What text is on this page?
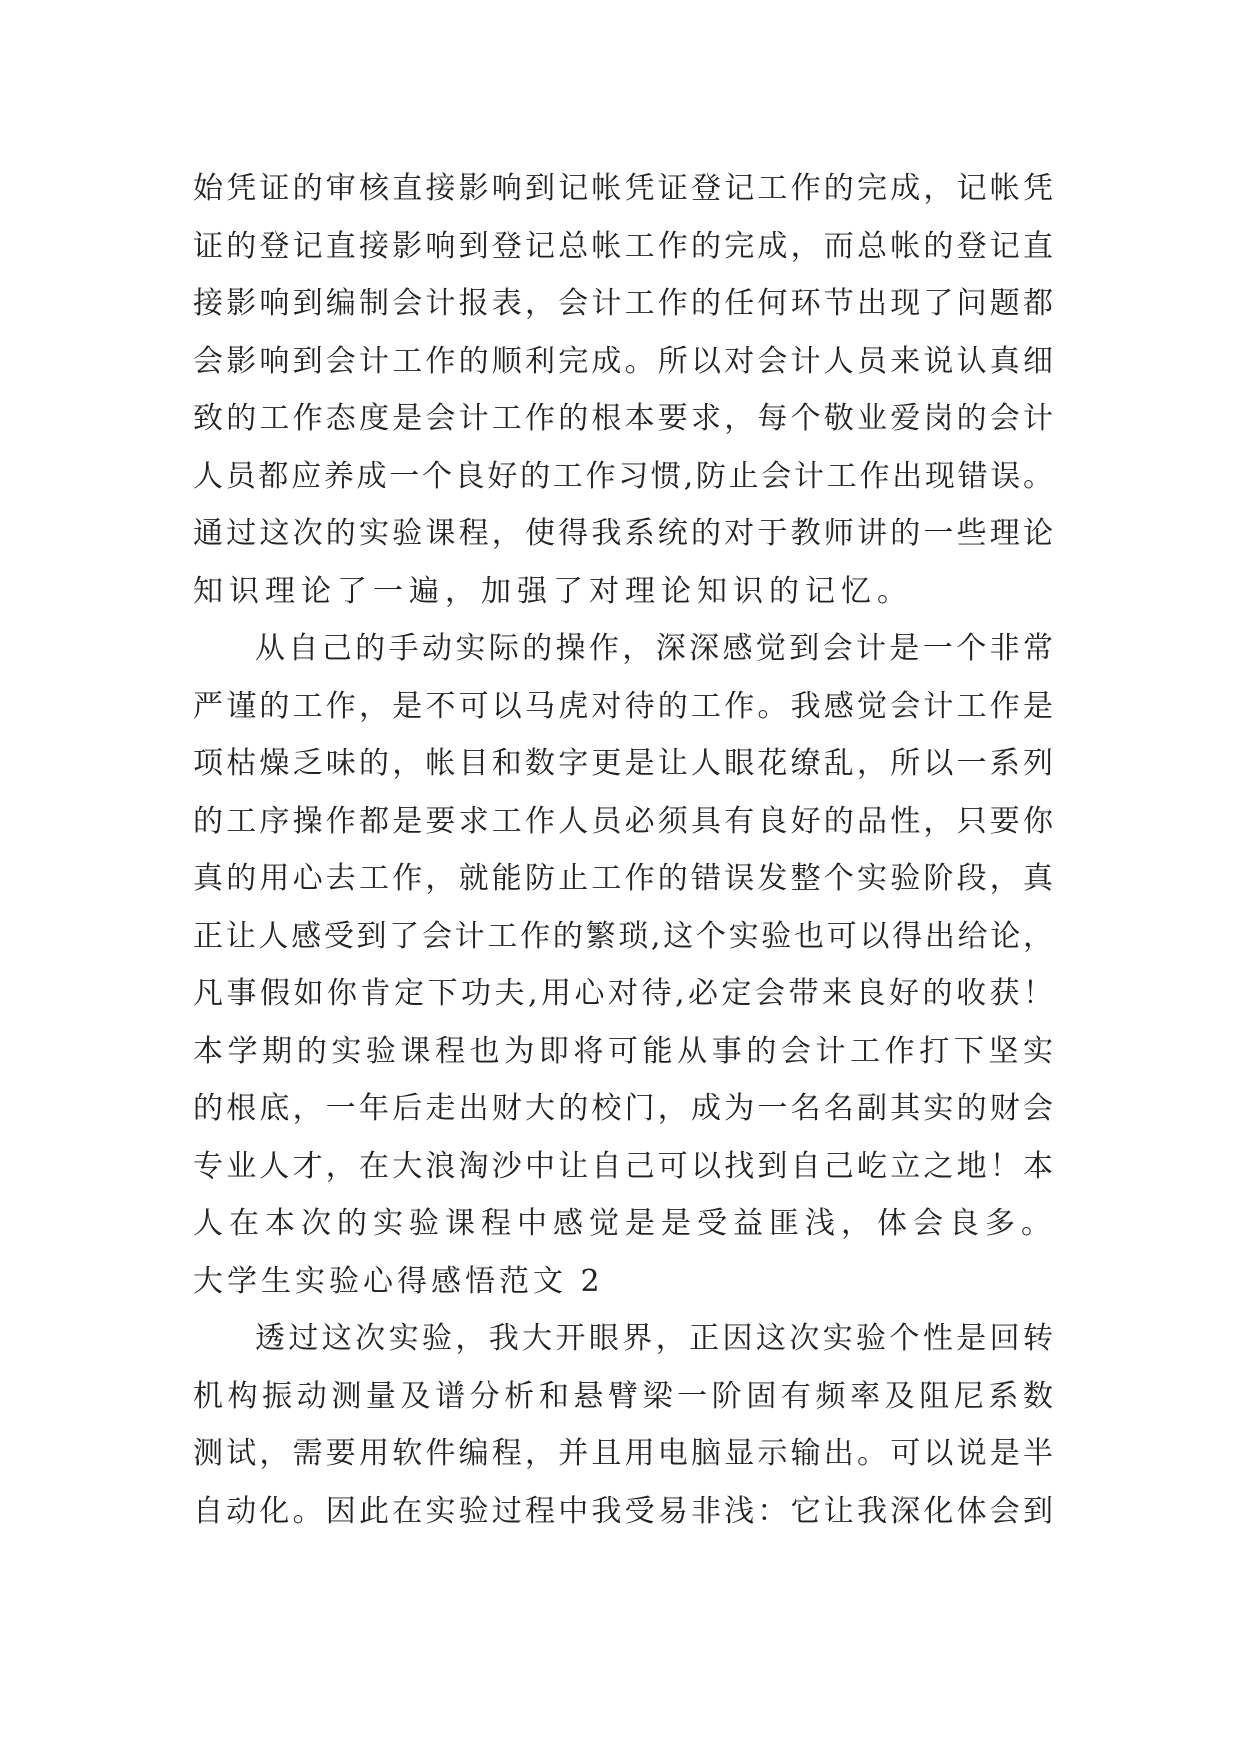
始凭证的审核直接影响到记帐凭证登记工作的完成，记帐凭
证的登记直接影响到登记总帐工作的完成，而总帐的登记直
接影响到编制会计报表，会计工作的任何环节出现了问题都
会影响到会计工作的顺利完成。所以对会计人员来说认真细
致的工作态度是会计工作的根本要求，每个敬业爱岗的会计
人员都应养成一个良好的工作习惯,防止会计工作出现错误。
通过这次的实验课程，使得我系统的对于教师讲的一些理论
知识理论了一遍，加强了对理论知识的记忆。
从自己的手动实际的操作，深深感觉到会计是一个非常
严谨的工作，是不可以马虎对待的工作。我感觉会计工作是
项枯燥乏味的，帐目和数字更是让人眼花缭乱，所以一系列
的工序操作都是要求工作人员必须具有良好的品性，只要你
真的用心去工作，就能防止工作的错误发整个实验阶段，真
正让人感受到了会计工作的繁琐,这个实验也可以得出给论，
凡事假如你肯定下功夫,用心对待,必定会带来良好的收获！
本学期的实验课程也为即将可能从事的会计工作打下坚实
的根底，一年后走出财大的校门，成为一名名副其实的财会
专业人才，在大浪淘沙中让自己可以找到自己屹立之地！本
人在本次的实验课程中感觉是是受益匪浅，体会良多。
大学生实验心得感悟范文 2
透过这次实验，我大开眼界，正因这次实验个性是回转
机构振动测量及谱分析和悬臂梁一阶固有频率及阻尼系数
测试，需要用软件编程，并且用电脑显示输出。可以说是半
自动化。因此在实验过程中我受易非浅：它让我深化体会到
